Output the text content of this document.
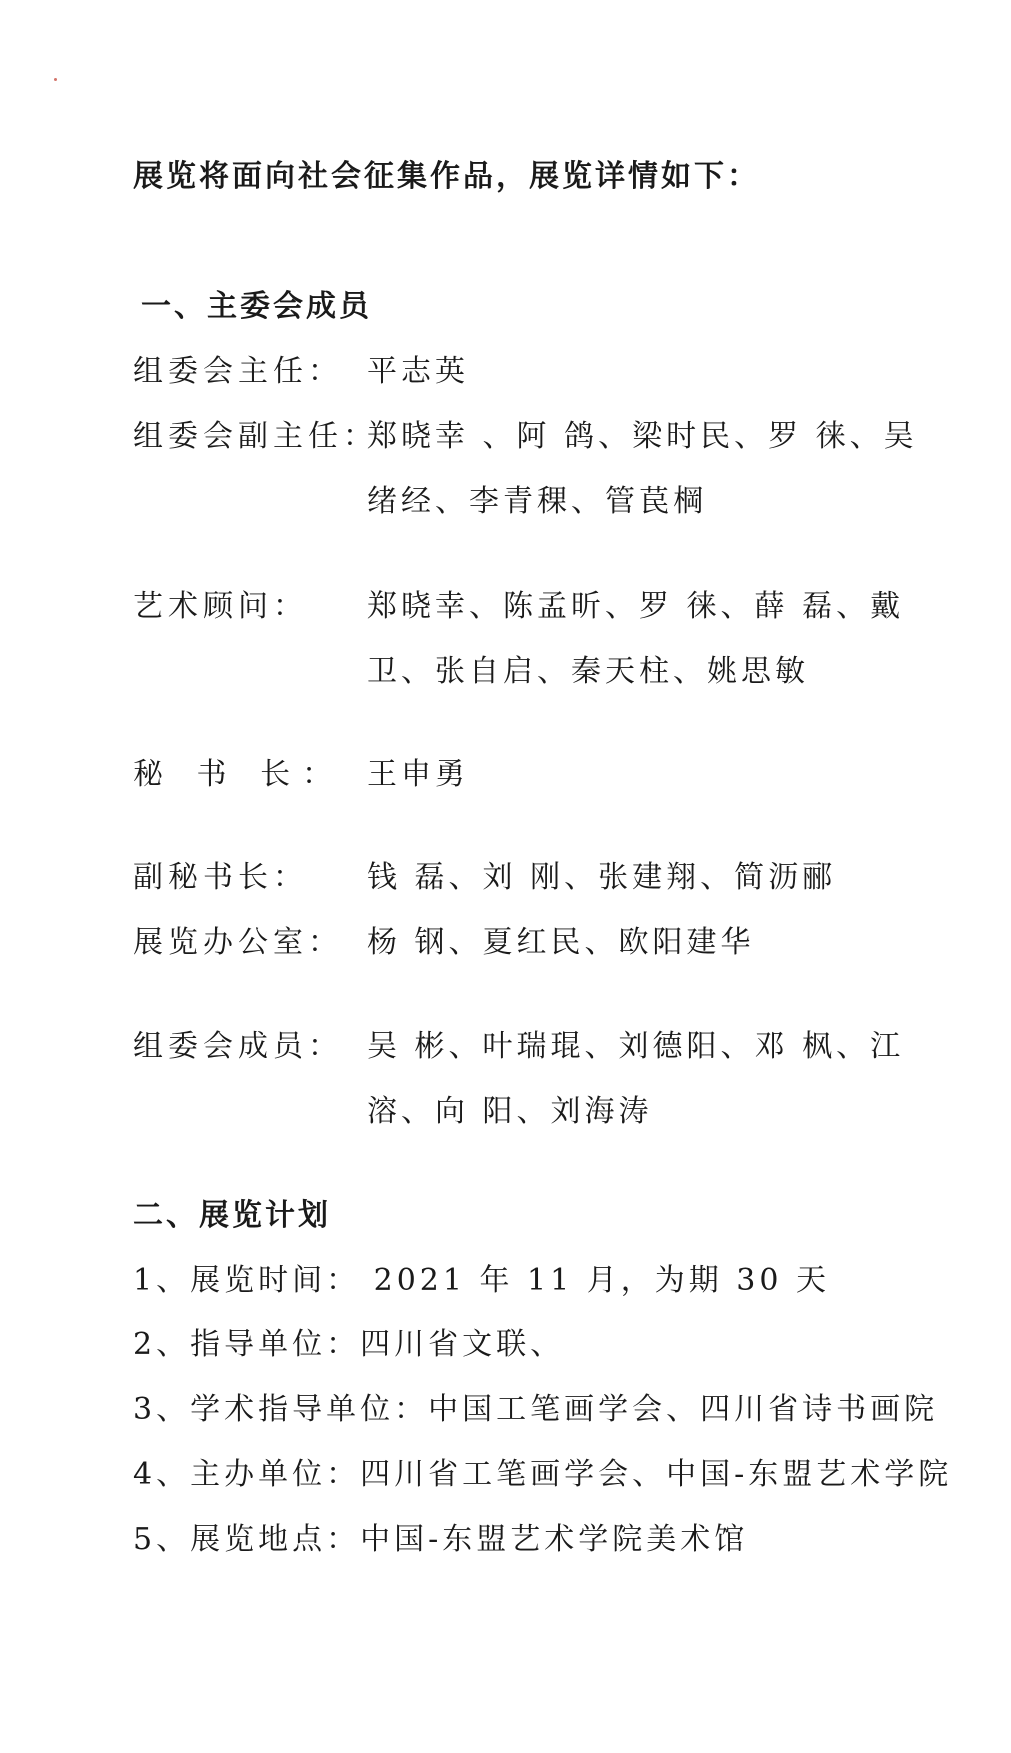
展览将面向社会征集作品，展览详情如下：
一、主委会成员
组委会主任： 平志英
组委会副主任：
郑晓幸 、阿 鸽、梁时民、罗 徕、吴
绪经、李青稞、管苠棡
艺术顾问： 郑晓幸、陈孟昕、罗 徕、薛 磊、戴
卫、张自启、秦天柱、姚思敏
秘 书 长： 王申勇
副秘书长： 钱 磊、刘 刚、张建翔、简沥郦
展览办公室： 杨 钢、夏红民、欧阳建华
组委会成员： 吴 彬、叶瑞琨、刘德阳、邓 枫、江
溶、向 阳、刘海涛
二、展览计划
1、展览时间： 2021 年 11 月，为期 30 天
2、指导单位：四川省文联、
3、学术指导单位：中国工笔画学会、四川省诗书画院
4、主办单位：四川省工笔画学会、中国-东盟艺术学院
5、展览地点：中国-东盟艺术学院美术馆
